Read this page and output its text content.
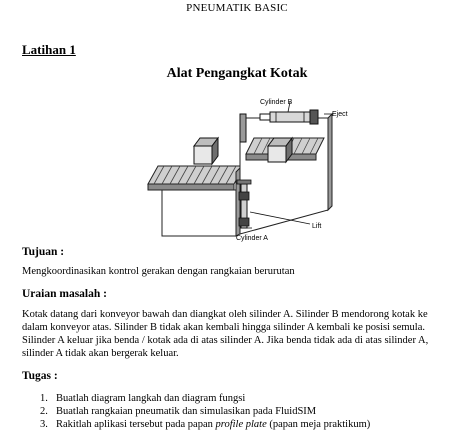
PNEUMATIK BASIC
Latihan 1
Alat Pengangkat Kotak
Cylinder B
Eject
Lift
Cylinder A
Tujuan :
Mengkoordinasikan kontrol gerakan dengan rangkaian berurutan
Uraian masalah :
Kotak datang dari konveyor bawah dan diangkat oleh silinder A. Silinder B mendorong kotak ke
dalam konveyor atas. Silinder B tidak akan kembali hingga silinder A kembali ke posisi semula.
Silinder A keluar jika benda / kotak ada di atas silinder A. Jika benda tidak ada di atas silinder A,
silinder A tidak akan bergerak keluar.
Tugas :
1. Buatlah diagram langkah dan diagram fungsi
2. Buatlah rangkaian pneumatik dan simulasikan pada FluidSIM
3. Rakitlah aplikasi tersebut pada papan profile plate (papan meja praktikum)
